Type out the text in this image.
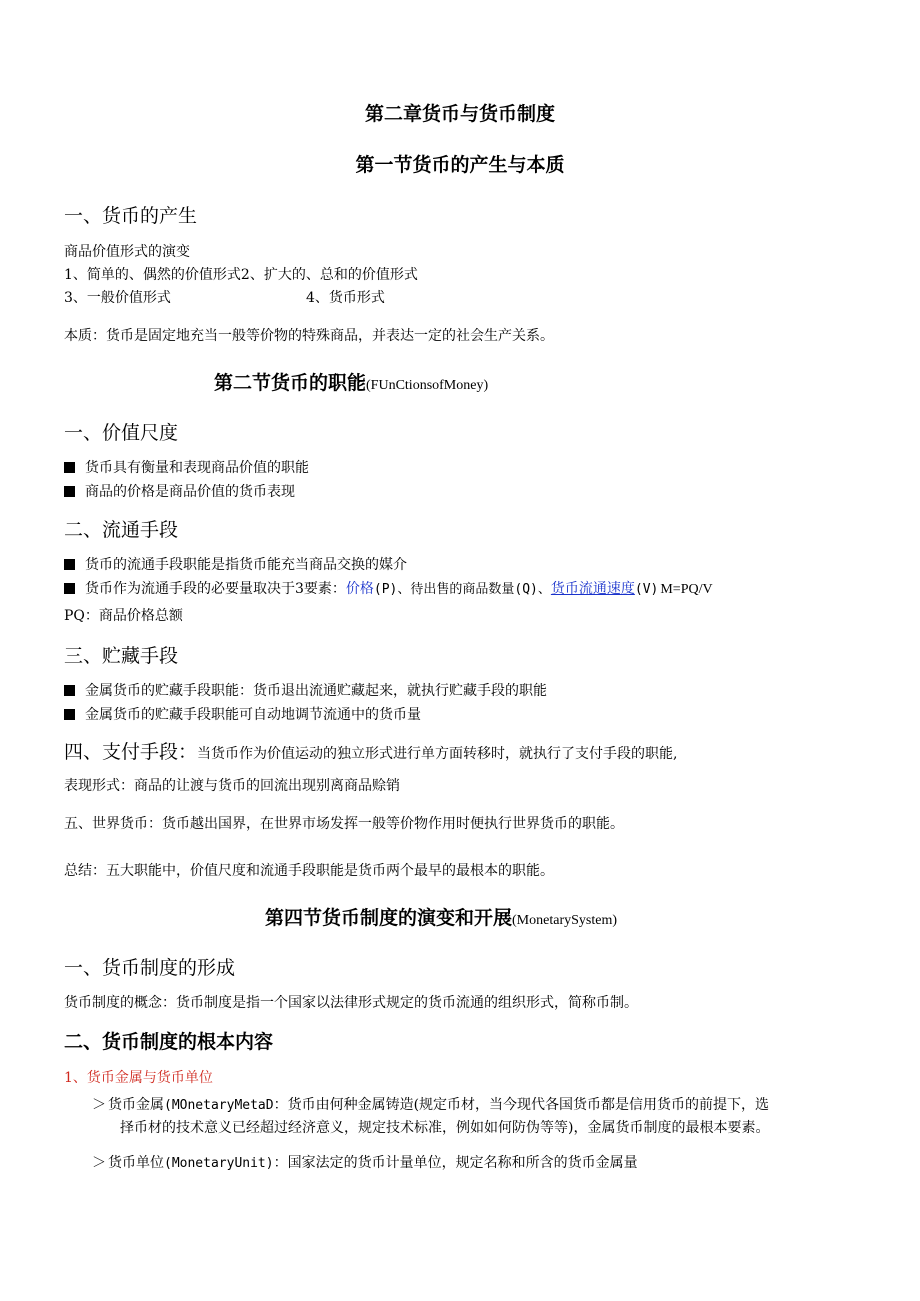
第二章货币与货币制度
第一节货币的产生与本质
一、货币的产生
商品价值形式的演变
1、简单的、偶然的价值形式2、扩大的、总和的价值形式
3、一般价值形式	4、货币形式
本质：货币是固定地充当一般等价物的特殊商品，并表达一定的社会生产关系。
第二节货币的职能(FUnCtionsofMoney)
一、价值尺度
货币具有衡量和表现商品价值的职能
商品的价格是商品价值的货币表现
二、流通手段
货币的流通手段职能是指货币能充当商品交换的媒介
货币作为流通手段的必要量取决于3要素：价格(P)、待出售的商品数量(Q)、货币流通速度(V) M=PQ/V
PQ：商品价格总额
三、贮藏手段
金属货币的贮藏手段职能：货币退出流通贮藏起来，就执行贮藏手段的职能
金属货币的贮藏手段职能可自动地调节流通中的货币量
四、支付手段：当货币作为价值运动的独立形式进行单方面转移时，就执行了支付手段的职能,
表现形式：商品的让渡与货币的回流出现别离商品赊销
五、世界货币：货币越出国界，在世界市场发挥一般等价物作用时便执行世界货币的职能。
总结：五大职能中，价值尺度和流通手段职能是货币两个最早的最根本的职能。
第四节货币制度的演变和开展(MonetarySystem)
一、货币制度的形成
货币制度的概念：货币制度是指一个国家以法律形式规定的货币流通的组织形式，简称币制。
二、货币制度的根本内容
1、货币金属与货币单位
＞ 货币金属(MOnetaryMetaD：货币由何种金属铸造(规定币材，当今现代各国货币都是信用货币的前提下，选
择币材的技术意义已经超过经济意义，规定技术标准，例如如何防伪等等)，金属货币制度的最根本要素。
＞ 货币单位(MonetaryUnit)：国家法定的货币计量单位，规定名称和所含的货币金属量
